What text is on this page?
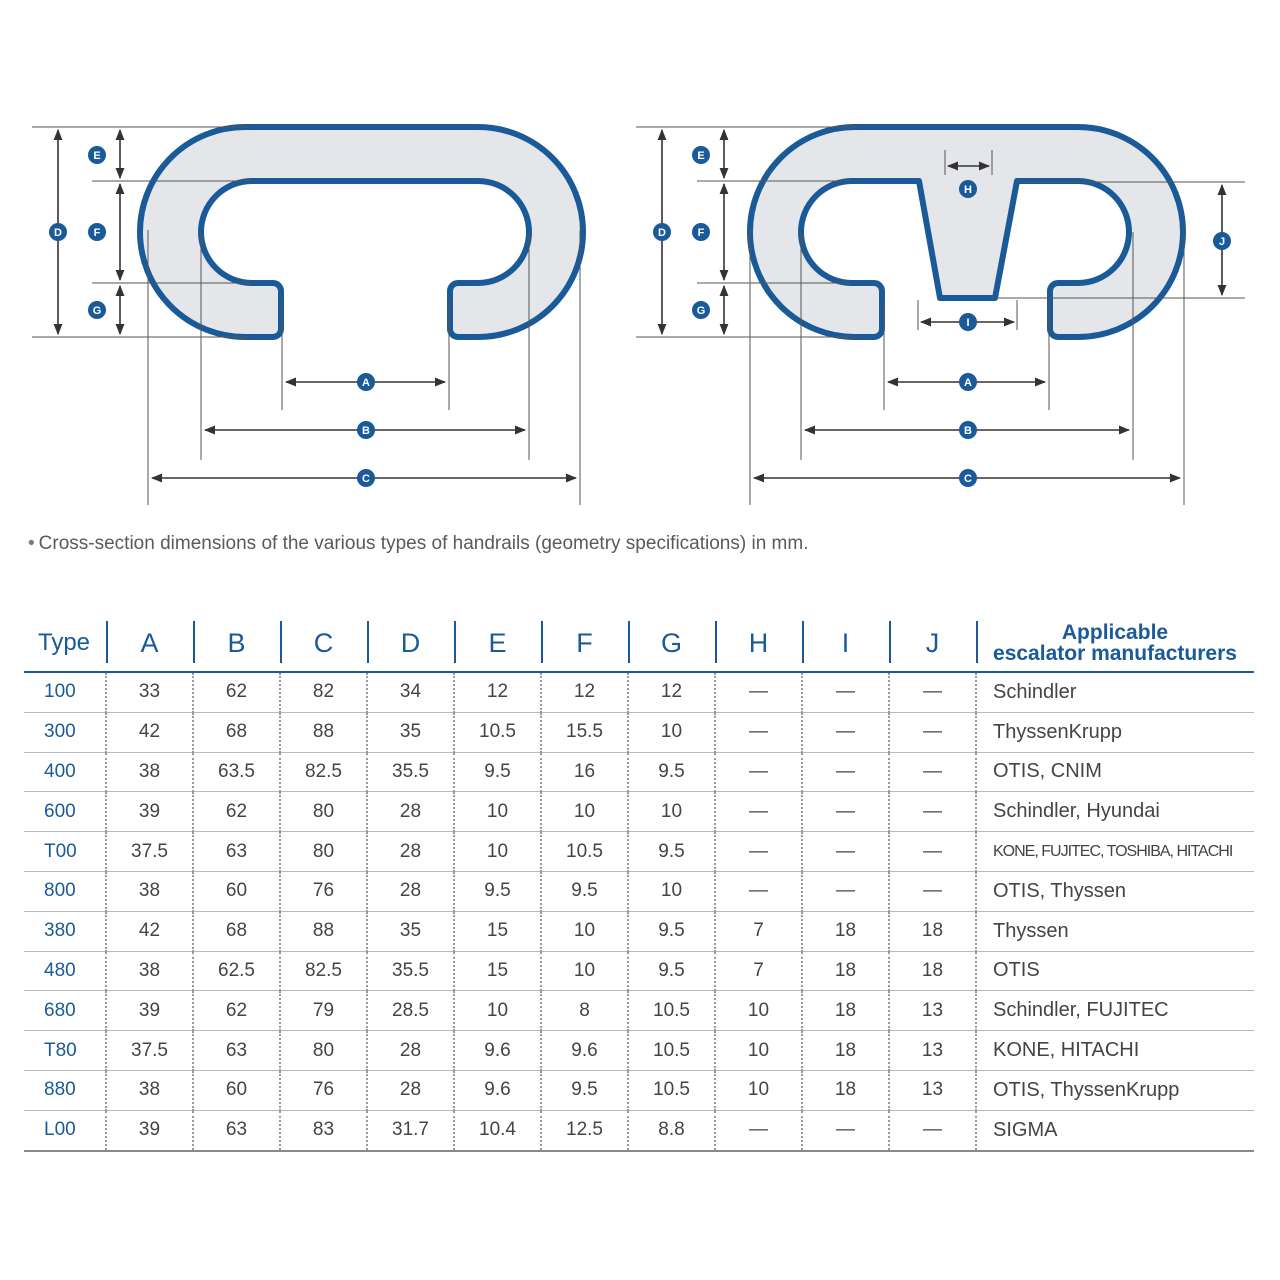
E
D	F
G
A
B
C
E
H
D	F
J
G
I
A
B
C
• Cross-section dimensions of the various types of handrails (geometry specifications) in mm.
Type	A	B	C	D	E	F	G	H	I	J	Applicable
escalator manufacturers
100	33	62	82	34	12	12	12	—	—	—	Schindler
300	42	68	88	35	10.5	15.5	10	—	—	—	ThyssenKrupp
400	38	63.5	82.5	35.5	9.5	16	9.5	—	—	—	OTIS, CNIM
600	39	62	80	28	10	10	10	—	—	—	Schindler, Hyundai
T00	37.5	63	80	28	10	10.5	9.5	—	—	—	KONE, FUJITEC, TOSHIBA, HITACHI
800	38	60	76	28	9.5	9.5	10	—	—	—	OTIS, Thyssen
380	42	68	88	35	15	10	9.5	7	18	18	Thyssen
480	38	62.5	82.5	35.5	15	10	9.5	7	18	18	OTIS
680	39	62	79	28.5	10	8	10.5	10	18	13	Schindler, FUJITEC
T80	37.5	63	80	28	9.6	9.6	10.5	10	18	13	KONE, HITACHI
880	38	60	76	28	9.6	9.5	10.5	10	18	13	OTIS, ThyssenKrupp
L00	39	63	83	31.7	10.4	12.5	8.8	—	—	—	SIGMA
